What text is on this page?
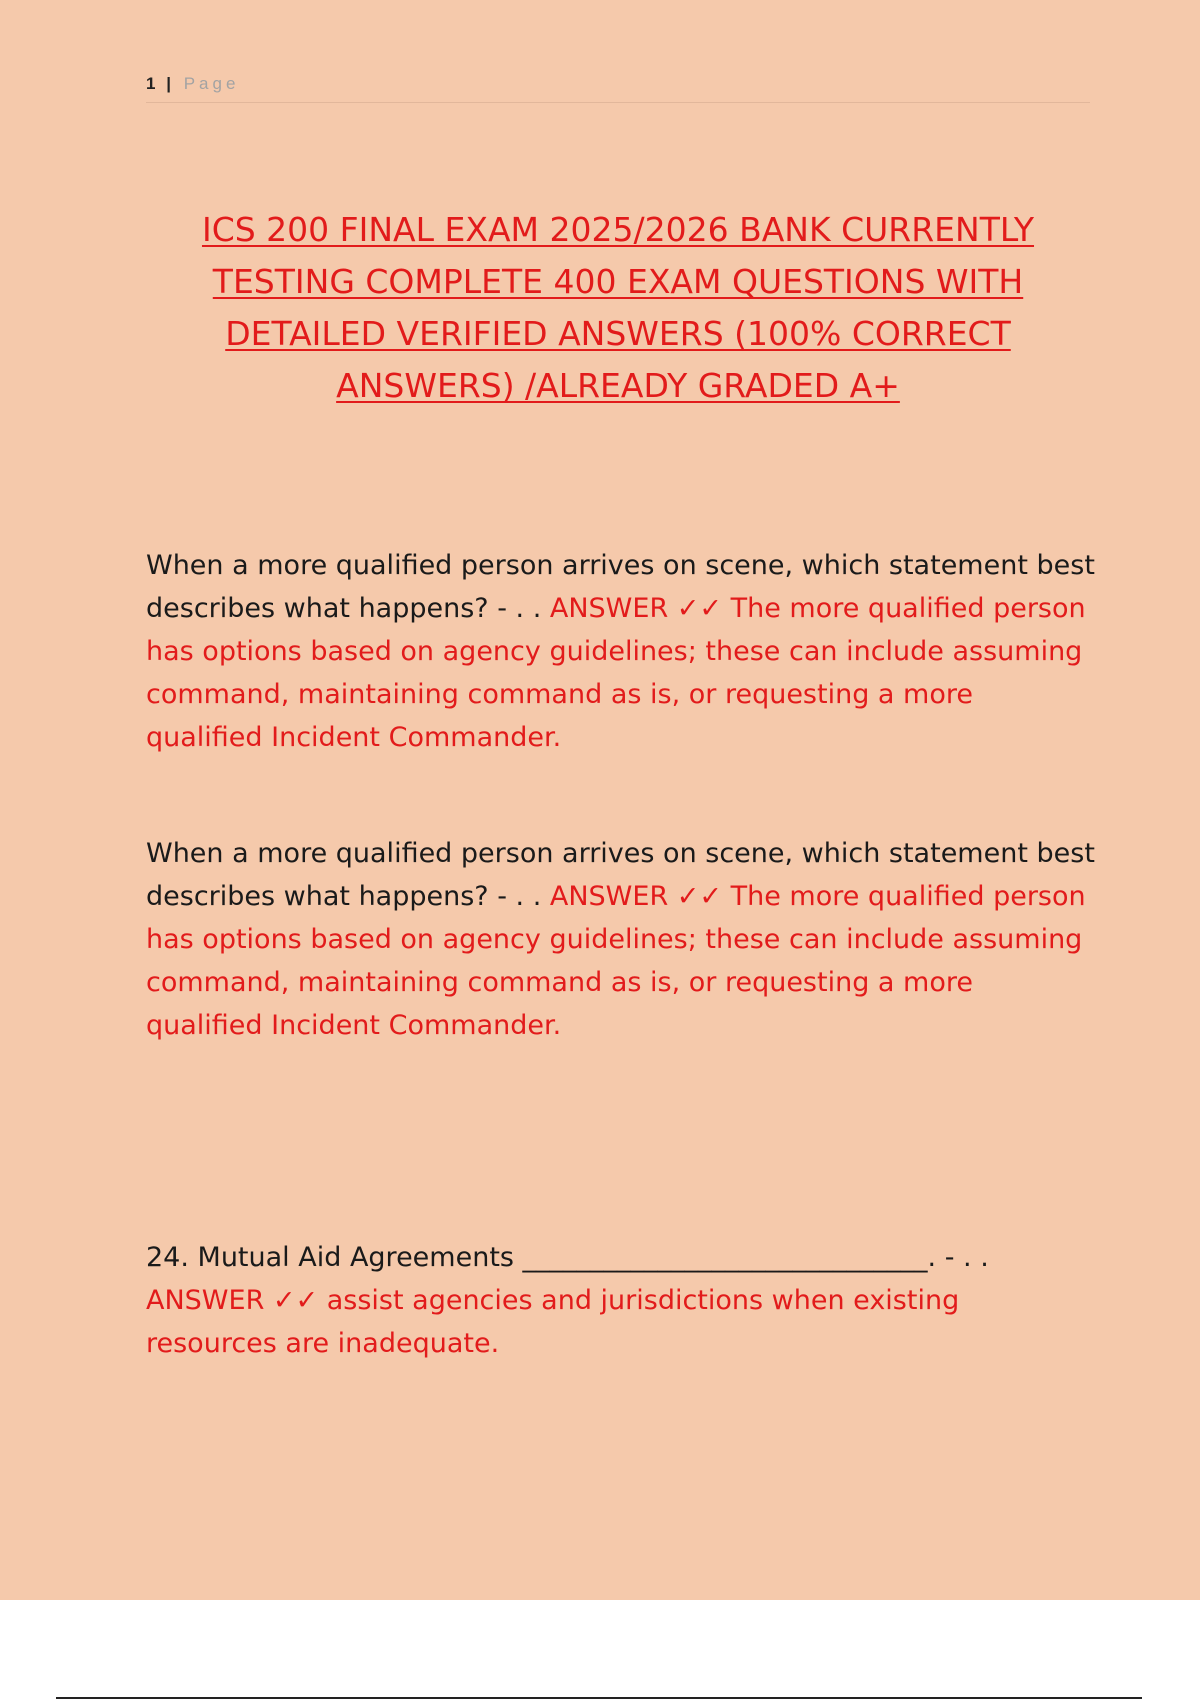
1 | Page
ICS 200 FINAL EXAM 2025/2026 BANK CURRENTLY TESTING COMPLETE 400 EXAM QUESTIONS WITH DETAILED VERIFIED ANSWERS (100% CORRECT ANSWERS) /ALREADY GRADED A+

When a more qualified person arrives on scene, which statement best describes what happens? - . . ANSWER ✓✓ The more qualified person has options based on agency guidelines; these can include assuming command, maintaining command as is, or requesting a more qualified Incident Commander.

When a more qualified person arrives on scene, which statement best describes what happens? - . . ANSWER ✓✓ The more qualified person has options based on agency guidelines; these can include assuming command, maintaining command as is, or requesting a more qualified Incident Commander.

24. Mutual Aid Agreements ______________________________. - . . ANSWER ✓✓ assist agencies and jurisdictions when existing resources are inadequate.
